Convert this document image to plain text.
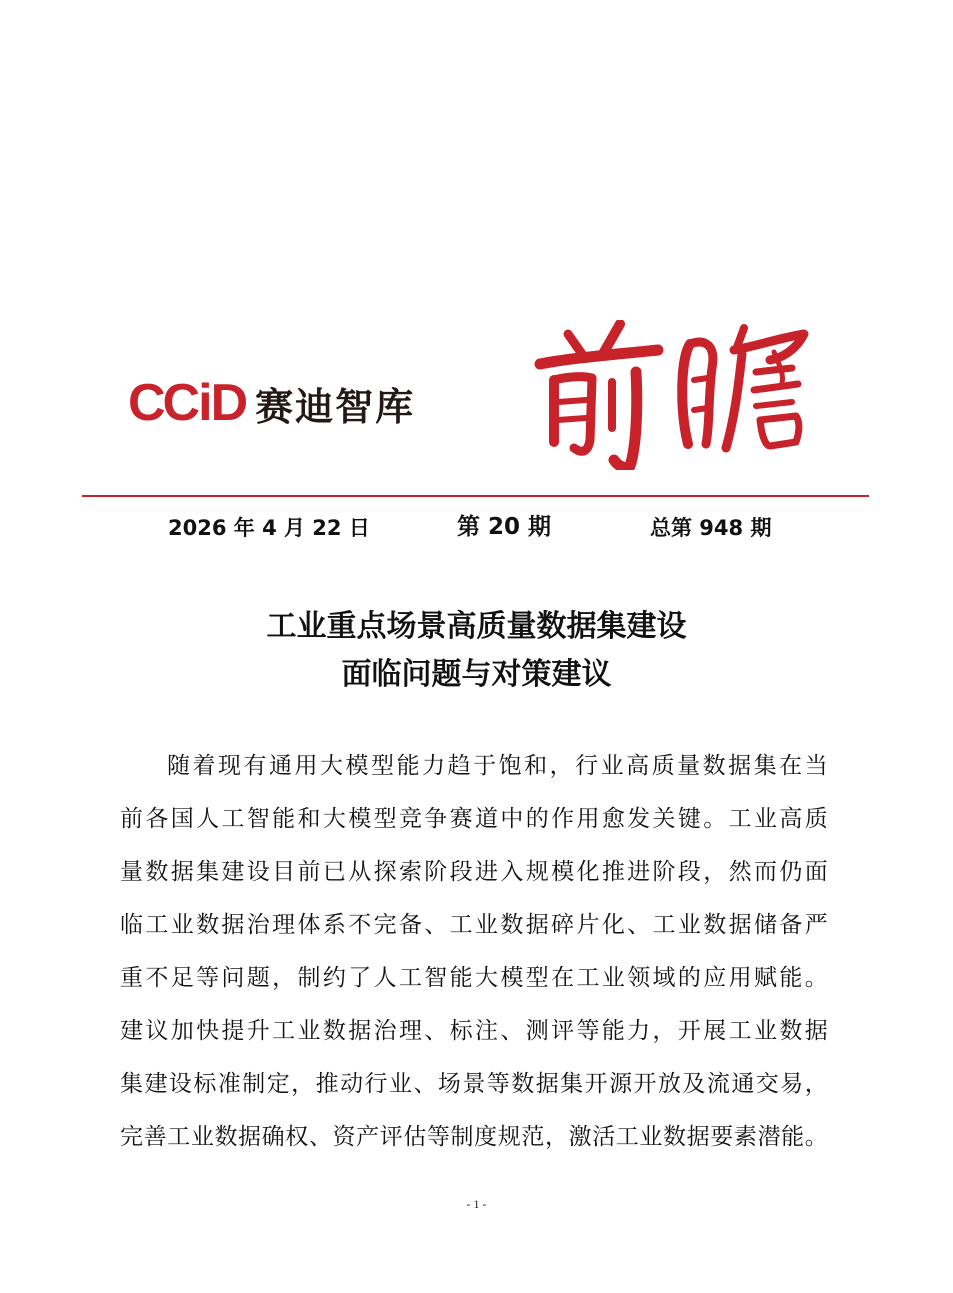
CCiD 赛迪智库
2026 年 4 月 22 日	第 20 期	总第 948 期
工业重点场景高质量数据集建设
面临问题与对策建议
随着现有通用大模型能力趋于饱和，行业高质量数据集在当
前各国人工智能和大模型竞争赛道中的作用愈发关键。工业高质
量数据集建设目前已从探索阶段进入规模化推进阶段，然而仍面
临工业数据治理体系不完备、工业数据碎片化、工业数据储备严
重不足等问题，制约了人工智能大模型在工业领域的应用赋能。
建议加快提升工业数据治理、标注、测评等能力，开展工业数据
集建设标准制定，推动行业、场景等数据集开源开放及流通交易，
完善工业数据确权、资产评估等制度规范，激活工业数据要素潜能。
- 1 -
